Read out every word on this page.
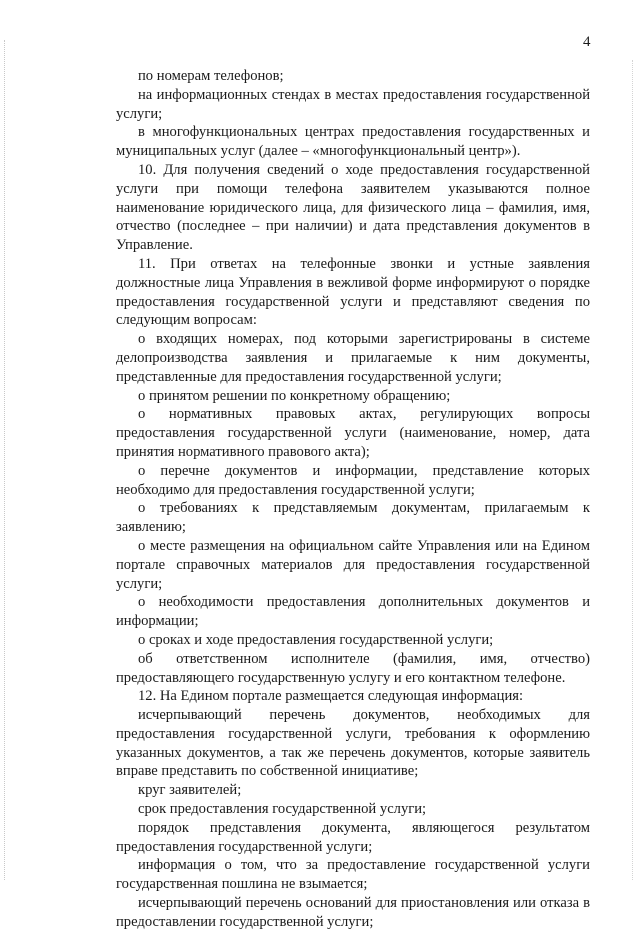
4

по номерам телефонов;

на информационных стендах в местах предоставления государственной услуги;

в многофункциональных центрах предоставления государственных и муниципальных услуг (далее – «многофункциональный центр»).

10. Для получения сведений о ходе предоставления государственной услуги при помощи телефона заявителем указываются полное наименование юридического лица, для физического лица – фамилия, имя, отчество (последнее – при наличии) и дата представления документов в Управление.

11. При ответах на телефонные звонки и устные заявления должностные лица Управления в вежливой форме информируют о порядке предоставления государственной услуги и представляют сведения по следующим вопросам:

о входящих номерах, под которыми зарегистрированы в системе делопроизводства заявления и прилагаемые к ним документы, представленные для предоставления государственной услуги;

о принятом решении по конкретному обращению;

о нормативных правовых актах, регулирующих вопросы предоставления государственной услуги (наименование, номер, дата принятия нормативного правового акта);

о перечне документов и информации, представление которых необходимо для предоставления государственной услуги;

о требованиях к представляемым документам, прилагаемым к заявлению;

о месте размещения на официальном сайте Управления или на Едином портале справочных материалов для предоставления государственной услуги;

о необходимости предоставления дополнительных документов и информации;

о сроках и ходе предоставления государственной услуги;

об ответственном исполнителе (фамилия, имя, отчество) предоставляющего государственную услугу и его контактном телефоне.

12. На Едином портале размещается следующая информация:

исчерпывающий перечень документов, необходимых для предоставления государственной услуги, требования к оформлению указанных документов, а так же перечень документов, которые заявитель вправе представить по собственной инициативе;

круг заявителей;

срок предоставления государственной услуги;

порядок представления документа, являющегося результатом предоставления государственной услуги;

информация о том, что за предоставление государственной услуги государственная пошлина не взымается;

исчерпывающий перечень оснований для приостановления или отказа в предоставлении государственной услуги;
